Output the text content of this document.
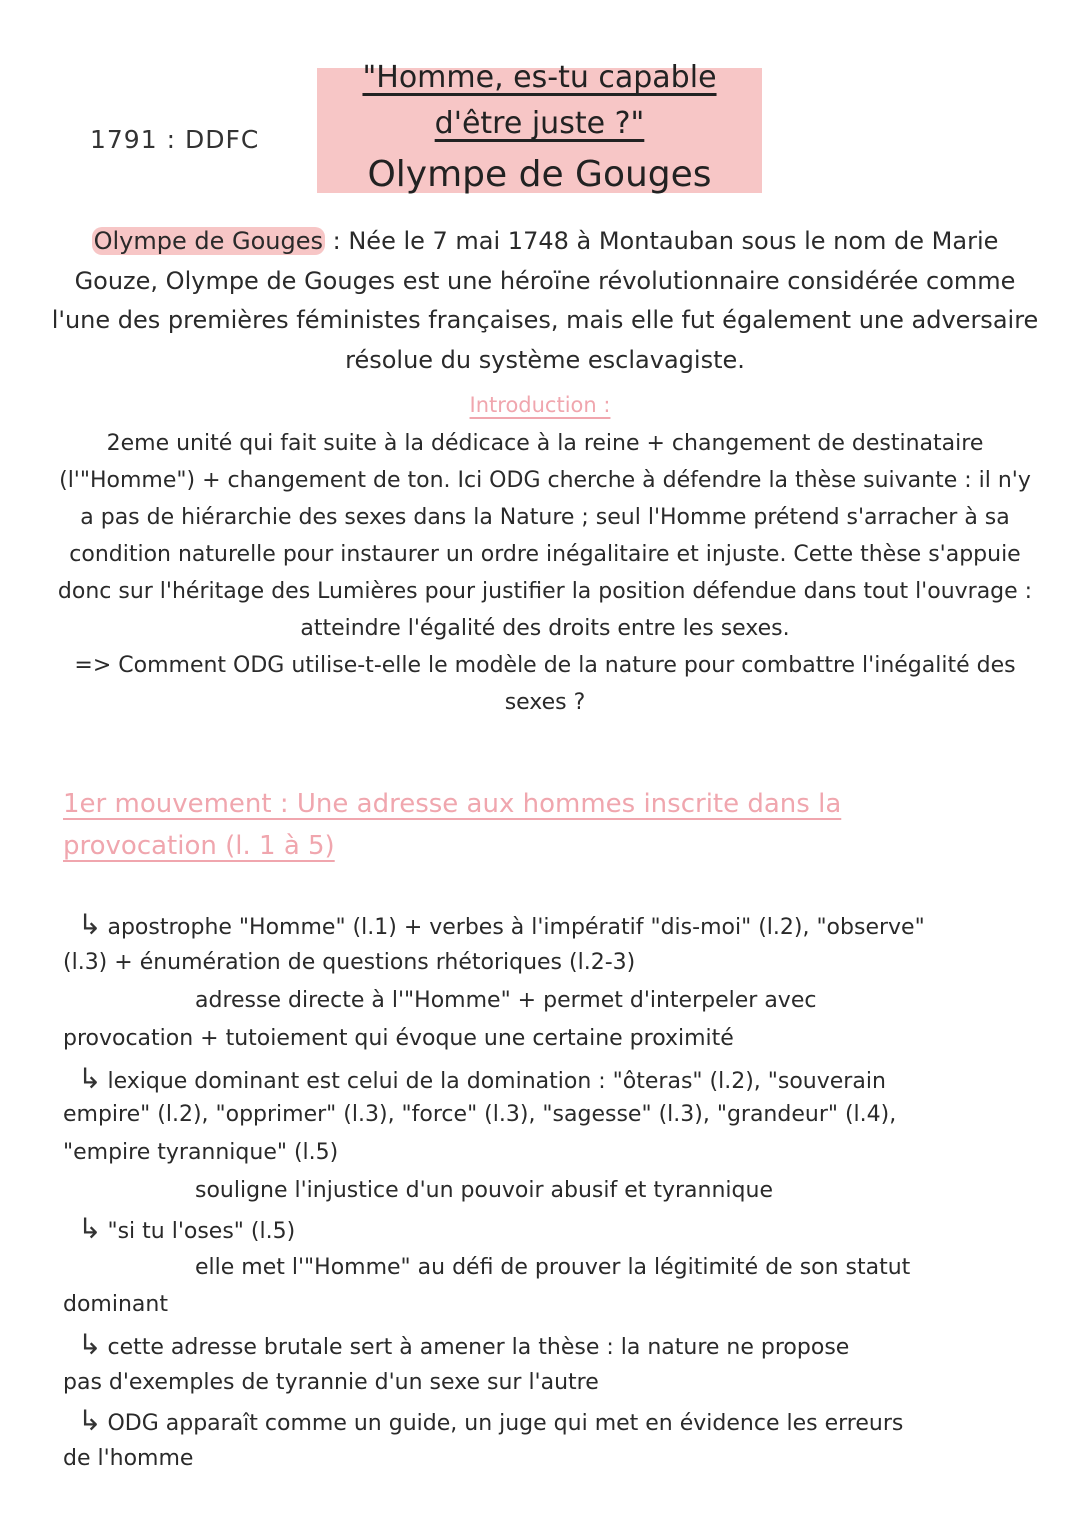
1791 : DDFC
"Homme, es-tu capable
d'être juste ?"
Olympe de Gouges
Olympe de Gouges : Née le 7 mai 1748 à Montauban sous le nom de Marie Gouze, Olympe de Gouges est une héroïne révolutionnaire considérée comme l'une des premières féministes françaises, mais elle fut également une adversaire résolue du système esclavagiste.
Introduction :
2eme unité qui fait suite à la dédicace à la reine + changement de destinataire (l'"Homme") + changement de ton. Ici ODG cherche à défendre la thèse suivante : il n'y a pas de hiérarchie des sexes dans la Nature ; seul l'Homme prétend s'arracher à sa condition naturelle pour instaurer un ordre inégalitaire et injuste. Cette thèse s'appuie donc sur l'héritage des Lumières pour justifier la position défendue dans tout l'ouvrage : atteindre l'égalité des droits entre les sexes.
=> Comment ODG utilise-t-elle le modèle de la nature pour combattre l'inégalité des sexes ?
1er mouvement : Une adresse aux hommes inscrite dans la provocation (l. 1 à 5)
↳ apostrophe "Homme" (l.1) + verbes à l'impératif "dis-moi" (l.2), "observe"
(l.3) + énumération de questions rhétoriques (l.2-3)
adresse directe à l'"Homme" + permet d'interpeler avec
provocation + tutoiement qui évoque une certaine proximité
↳ lexique dominant est celui de la domination : "ôteras" (l.2), "souverain
empire" (l.2), "opprimer" (l.3), "force" (l.3), "sagesse" (l.3), "grandeur" (l.4),
"empire tyrannique" (l.5)
souligne l'injustice d'un pouvoir abusif et tyrannique
↳ "si tu l'oses" (l.5)
elle met l'"Homme" au défi de prouver la légitimité de son statut
dominant
↳ cette adresse brutale sert à amener la thèse : la nature ne propose
pas d'exemples de tyrannie d'un sexe sur l'autre
↳ ODG apparaît comme un guide, un juge qui met en évidence les erreurs
de l'homme
